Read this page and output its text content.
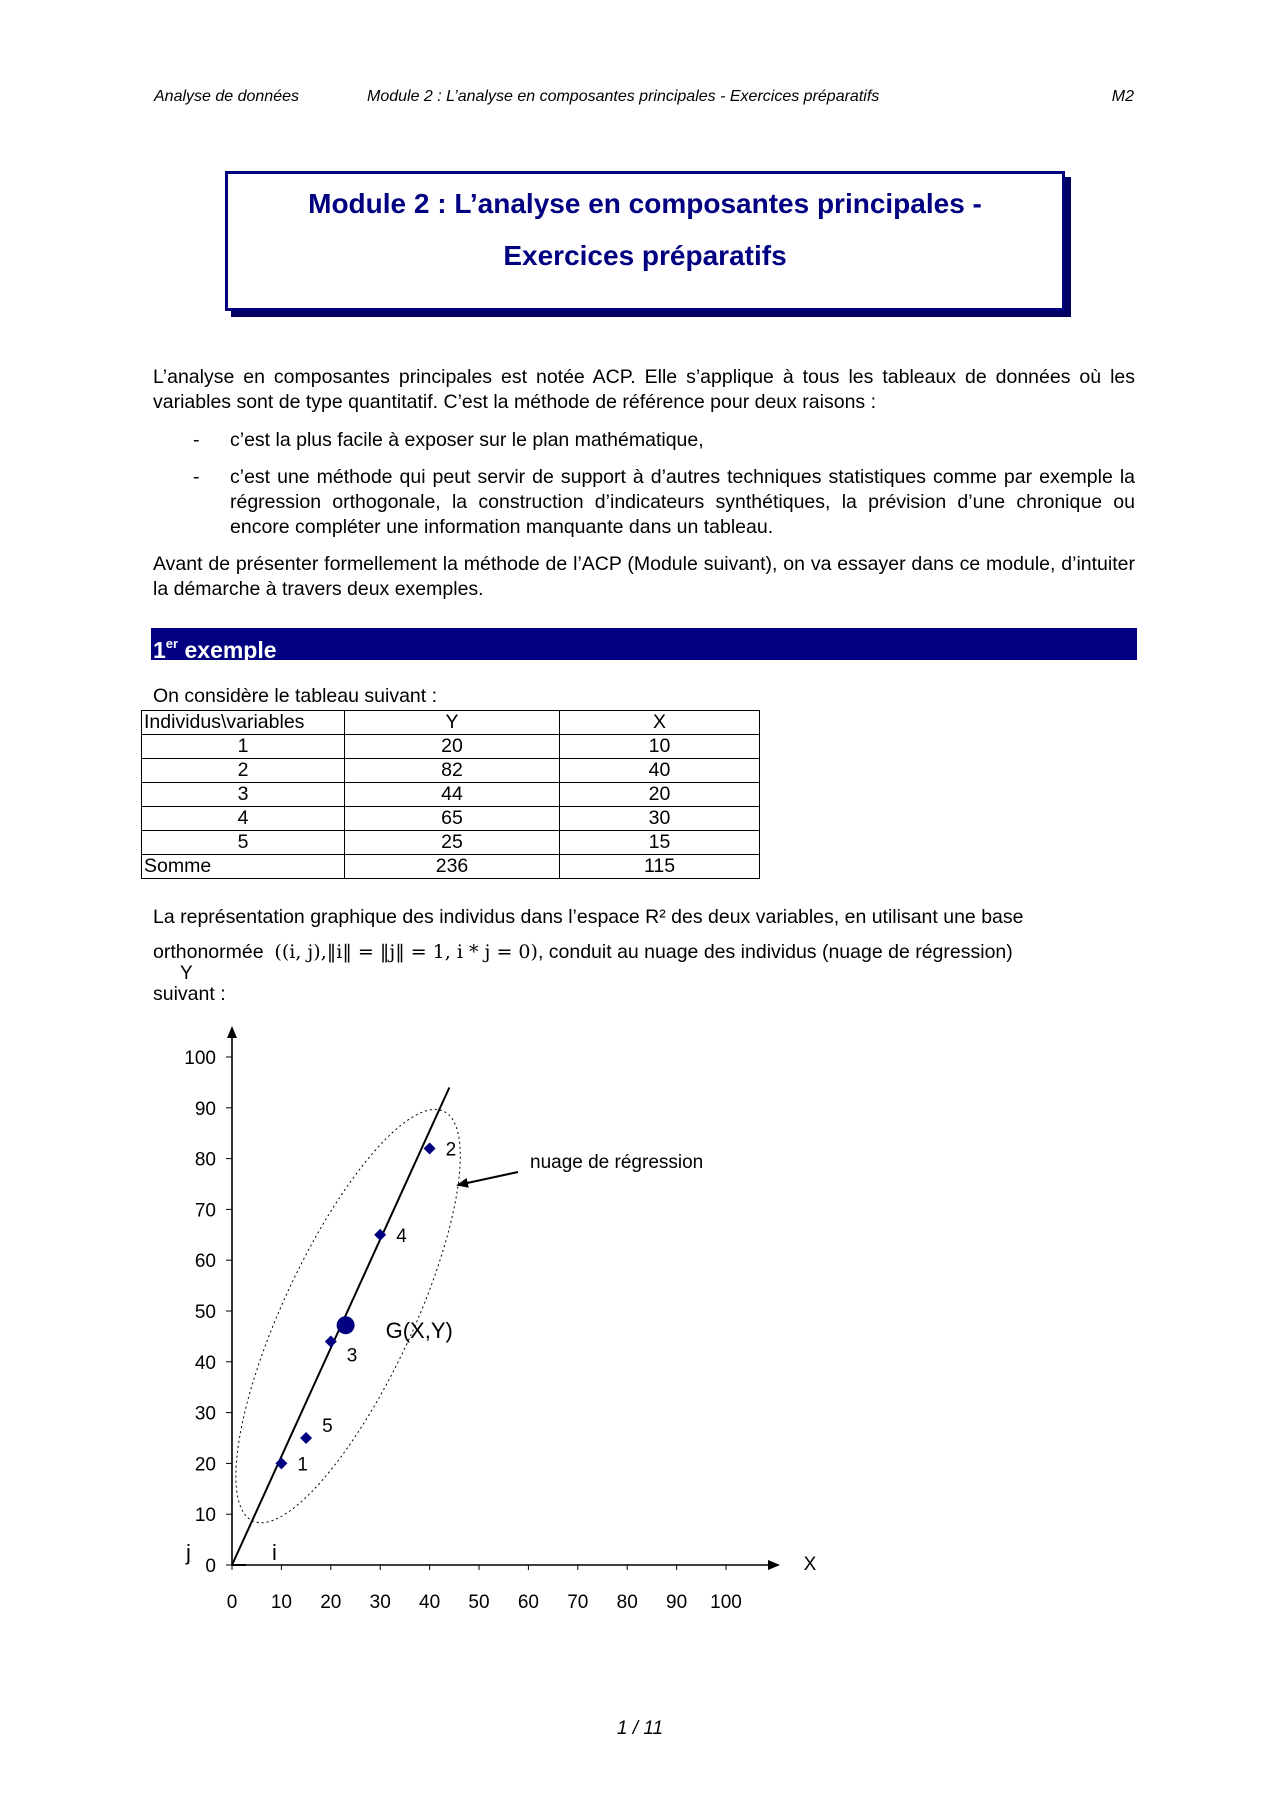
Analyse de données	Module 2 : L’analyse en composantes principales - Exercices préparatifs	M2
Module 2 : L’analyse en composantes principales -
Exercices préparatifs
L’analyse en composantes principales est notée ACP. Elle s’applique à tous les tableaux de données où les variables sont de type quantitatif. C’est la méthode de référence pour deux raisons :
- c’est la plus facile à exposer sur le plan mathématique,
- c’est une méthode qui peut servir de support à d’autres techniques statistiques comme par exemple la régression orthogonale, la construction d’indicateurs synthétiques, la prévision d’une chronique ou encore compléter une information manquante dans un tableau.
Avant de présenter formellement la méthode de l’ACP (Module suivant), on va essayer dans ce module, d’intuiter la démarche à travers deux exemples.
1er exemple
On considère le tableau suivant :
Individus\variables	Y	X
1	20	10
2	82	40
3	44	20
4	65	30
5	25	15
Somme	236	115
La représentation graphique des individus dans l’espace R² des deux variables, en utilisant une base
orthonormée ((i, j),‖i‖ = ‖j‖ = 1, i * j = 0), conduit au nuage des individus (nuage de régression)
Y
suivant :
0
10
20
30
40
50
60
70
80
90
100
0 10 20 30 40 50 60 70 80 90 100
X
1
2
3
4
5
G(X,Y)
nuage de régression
j	i
1 / 11
